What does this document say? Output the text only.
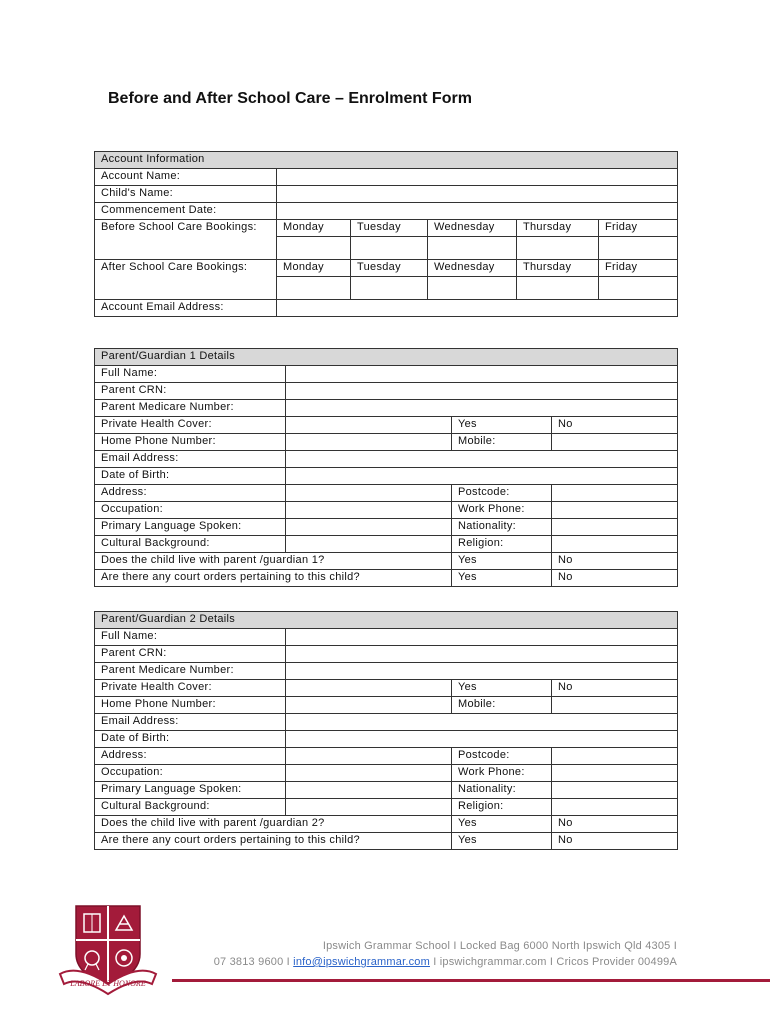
Before and After School Care – Enrolment Form
Account Information					
Account Name:					
Child's Name:					
Commencement Date:					
Before School Care Bookings:	Monday	Tuesday	Wednesday	Thursday	Friday

After School Care Bookings:	Monday	Tuesday	Wednesday	Thursday	Friday

Account Email Address:					
Parent/Guardian 1 Details			
Full Name:			
Parent CRN:			
Parent Medicare Number:			
Private Health Cover:		Yes	No
Home Phone Number:		Mobile:	
Email Address:			
Date of Birth:			
Address:		Postcode:	
Occupation:		Work Phone:	
Primary Language Spoken:		Nationality:	
Cultural Background:		Religion:	
Does the child live with parent /guardian 1?		Yes	No
Are there any court orders pertaining to this child?		Yes	No
Parent/Guardian 2 Details			
Full Name:			
Parent CRN:			
Parent Medicare Number:			
Private Health Cover:		Yes	No
Home Phone Number:		Mobile:	
Email Address:			
Date of Birth:			
Address:		Postcode:	
Occupation:		Work Phone:	
Primary Language Spoken:		Nationality:	
Cultural Background:		Religion:	
Does the child live with parent /guardian 2?		Yes	No
Are there any court orders pertaining to this child?		Yes	No
LABORE ET HONORE
Ipswich Grammar School I Locked Bag 6000 North Ipswich Qld 4305 I
07 3813 9600 I info@ipswichgrammar.com I ipswichgrammar.com I Cricos Provider 00499A
